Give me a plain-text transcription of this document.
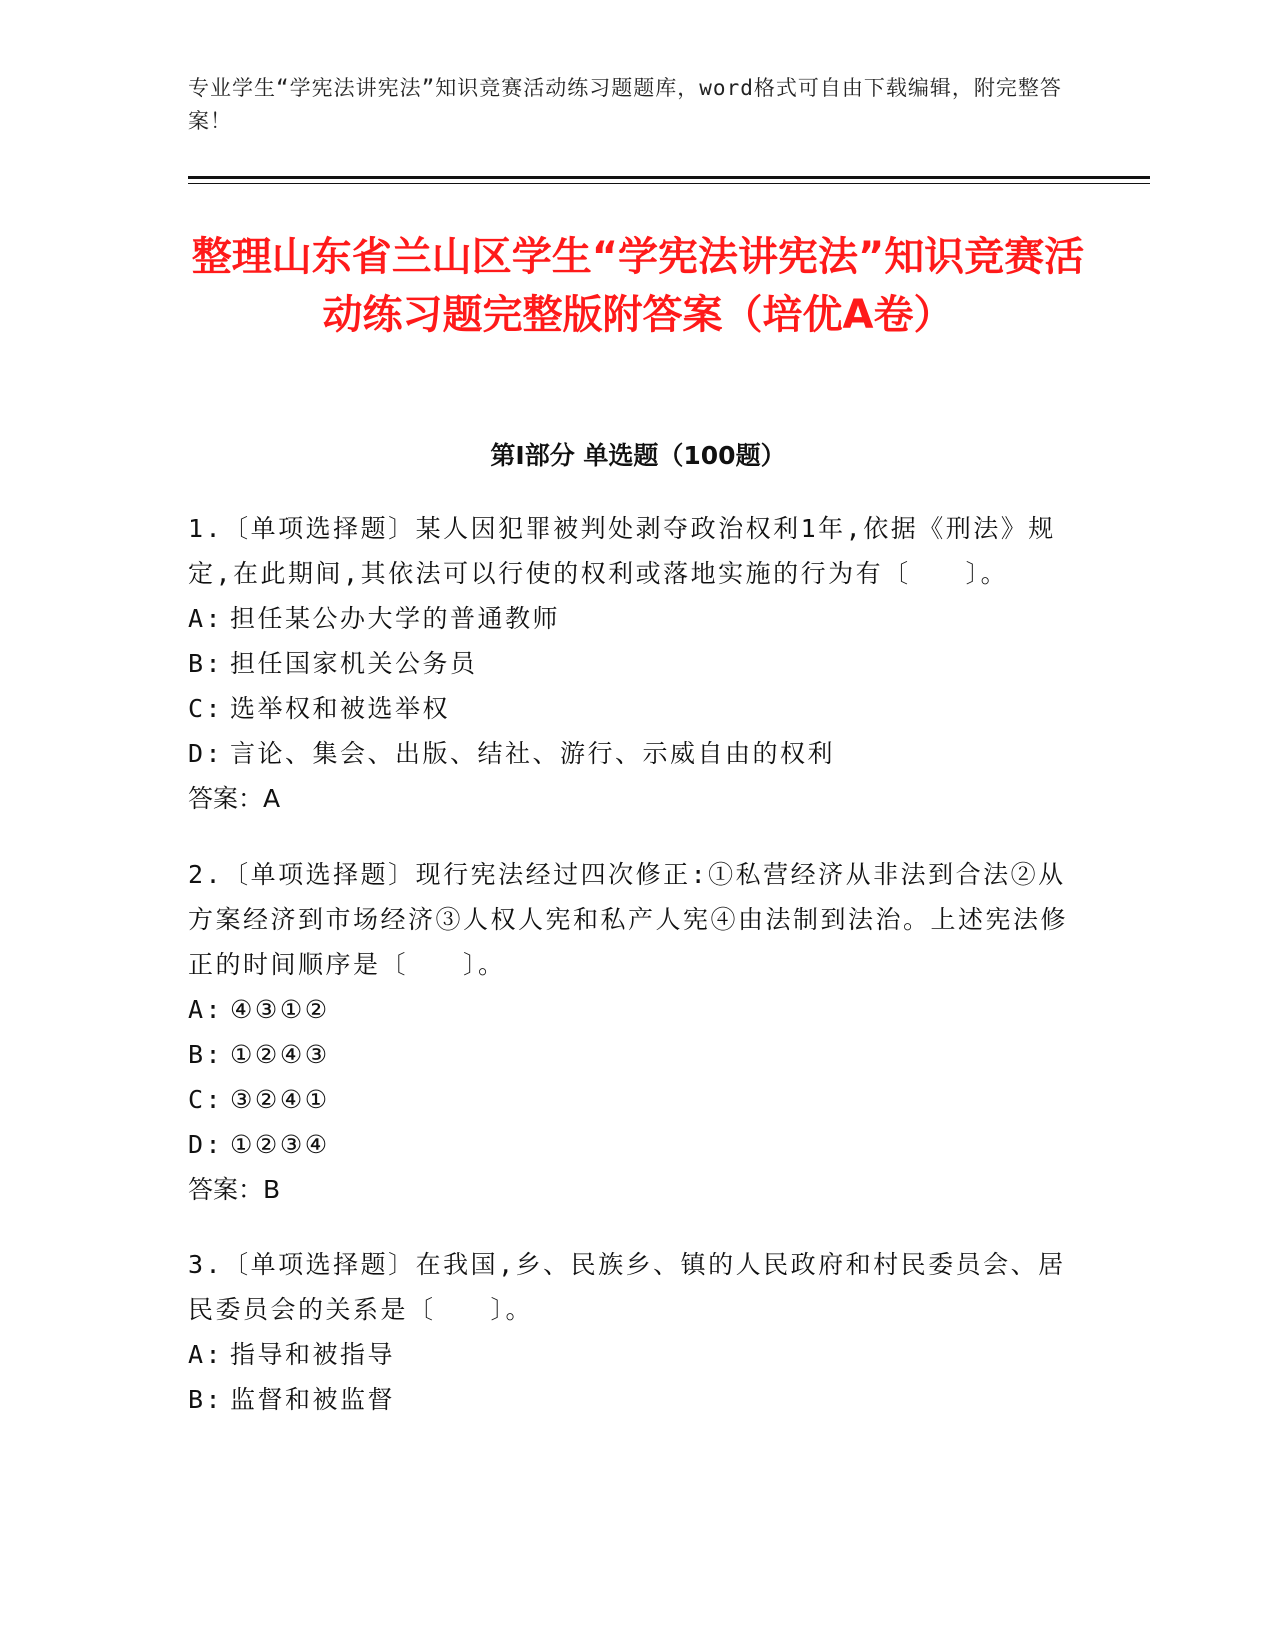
专业学生“学宪法讲宪法”知识竞赛活动练习题题库，word格式可自由下载编辑，附完整答案！
整理山东省兰山区学生“学宪法讲宪法”知识竞赛活动练习题完整版附答案（培优A卷）
第Ⅰ部分 单选题（100题）

1.〔单项选择题〕某人因犯罪被判处剥夺政治权利1年,依据《刑法》规定,在此期间,其依法可以行使的权利或落地实施的行为有〔　　〕。

A: 担任某公办大学的普通教师

B: 担任国家机关公务员

C: 选举权和被选举权

D: 言论、集会、出版、结社、游行、示威自由的权利

答案：A

2.〔单项选择题〕现行宪法经过四次修正:①私营经济从非法到合法②从方案经济到市场经济③人权人宪和私产人宪④由法制到法治。上述宪法修正的时间顺序是〔　　〕。

A: ④③①②

B: ①②④③

C: ③②④①

D: ①②③④

答案：B

3.〔单项选择题〕在我国,乡、民族乡、镇的人民政府和村民委员会、居民委员会的关系是〔　　〕。

A: 指导和被指导

B: 监督和被监督
